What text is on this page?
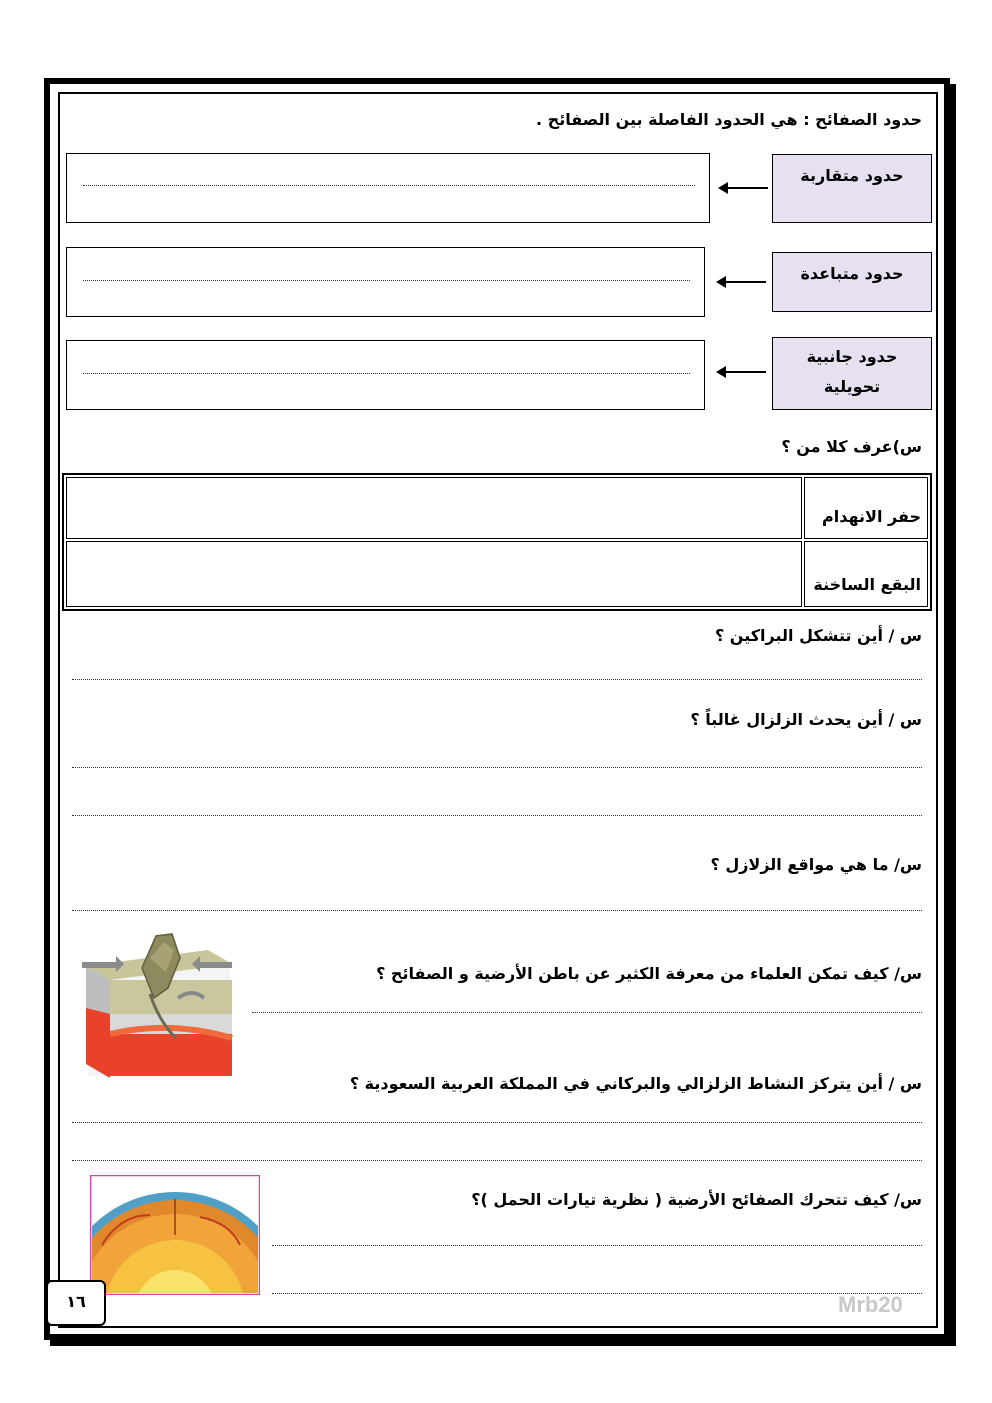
حدود الصفائح : هي الحدود الفاصلة بين الصفائح .
حدود متقاربة
حدود متباعدة
حدود جانبية تحويلية
س)عرف كلا من ؟
	حفر الانهدام
	البقع الساخنة
س / أين تتشكل البراكين ؟
س / أين يحدث الزلزال غالباً ؟
س/ ما هي مواقع الزلازل ؟
س/ كيف تمكن العلماء من معرفة الكثير عن باطن الأرضية و الصفائح ؟
س / أين يتركز النشاط الزلزالي والبركاني في المملكة العربية السعودية ؟
س/ كيف تتحرك الصفائح الأرضية ( نظرية تيارات الحمل )؟
١٦	Mrb20
